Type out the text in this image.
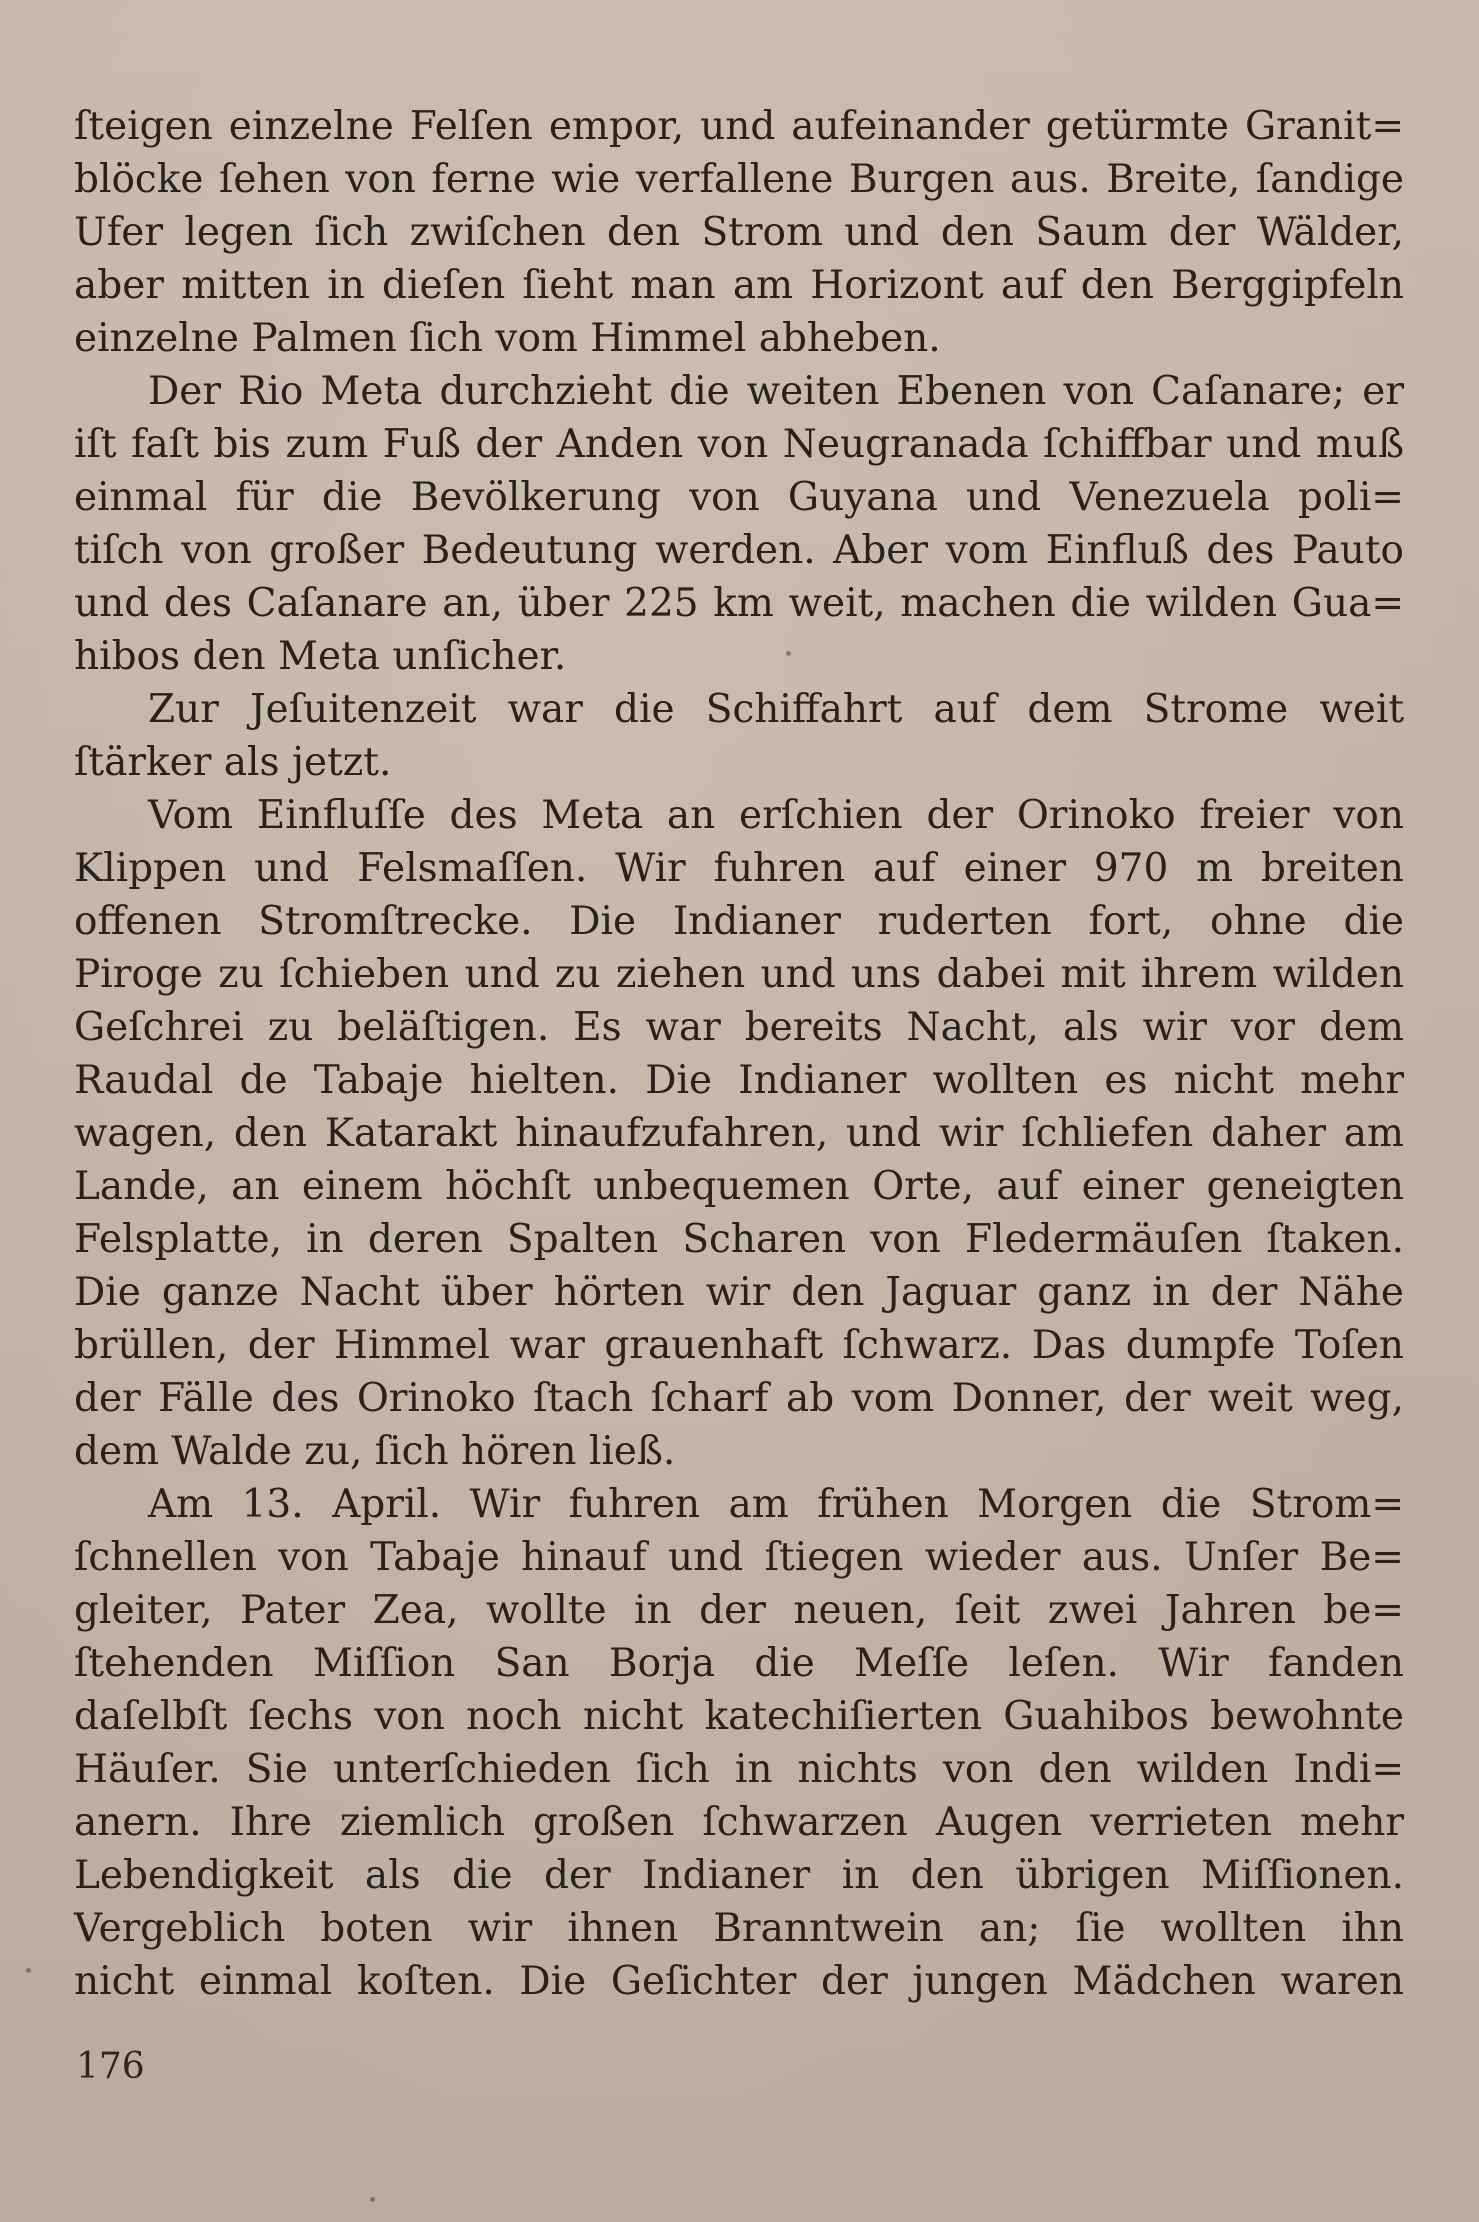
ſteigen einzelne Felſen empor, und aufeinander getürmte Granit=
blöcke ſehen von ferne wie verfallene Burgen aus. Breite, ſandige
Ufer legen ſich zwiſchen den Strom und den Saum der Wälder,
aber mitten in dieſen ſieht man am Horizont auf den Berggipfeln
einzelne Palmen ſich vom Himmel abheben.
Der Rio Meta durchzieht die weiten Ebenen von Caſanare; er
iſt faſt bis zum Fuß der Anden von Neugranada ſchiffbar und muß
einmal für die Bevölkerung von Guyana und Venezuela poli=
tiſch von großer Bedeutung werden. Aber vom Einfluß des Pauto
und des Caſanare an, über 225 km weit, machen die wilden Gua=
hibos den Meta unſicher.
Zur Jeſuitenzeit war die Schiffahrt auf dem Strome weit
ſtärker als jetzt.
Vom Einfluſſe des Meta an erſchien der Orinoko freier von
Klippen und Felsmaſſen. Wir fuhren auf einer 970 m breiten
offenen Stromſtrecke. Die Indianer ruderten fort, ohne die
Piroge zu ſchieben und zu ziehen und uns dabei mit ihrem wilden
Geſchrei zu beläſtigen. Es war bereits Nacht, als wir vor dem
Raudal de Tabaje hielten. Die Indianer wollten es nicht mehr
wagen, den Katarakt hinaufzufahren, und wir ſchliefen daher am
Lande, an einem höchſt unbequemen Orte, auf einer geneigten
Felsplatte, in deren Spalten Scharen von Fledermäuſen ſtaken.
Die ganze Nacht über hörten wir den Jaguar ganz in der Nähe
brüllen, der Himmel war grauenhaft ſchwarz. Das dumpfe Toſen
der Fälle des Orinoko ſtach ſcharf ab vom Donner, der weit weg,
dem Walde zu, ſich hören ließ.
Am 13. April. Wir fuhren am frühen Morgen die Strom=
ſchnellen von Tabaje hinauf und ſtiegen wieder aus. Unſer Be=
gleiter, Pater Zea, wollte in der neuen, ſeit zwei Jahren be=
ſtehenden Miſſion San Borja die Meſſe leſen. Wir fanden
daſelbſt ſechs von noch nicht katechiſierten Guahibos bewohnte
Häuſer. Sie unterſchieden ſich in nichts von den wilden Indi=
anern. Ihre ziemlich großen ſchwarzen Augen verrieten mehr
Lebendigkeit als die der Indianer in den übrigen Miſſionen.
Vergeblich boten wir ihnen Branntwein an; ſie wollten ihn
nicht einmal koſten. Die Geſichter der jungen Mädchen waren
176
